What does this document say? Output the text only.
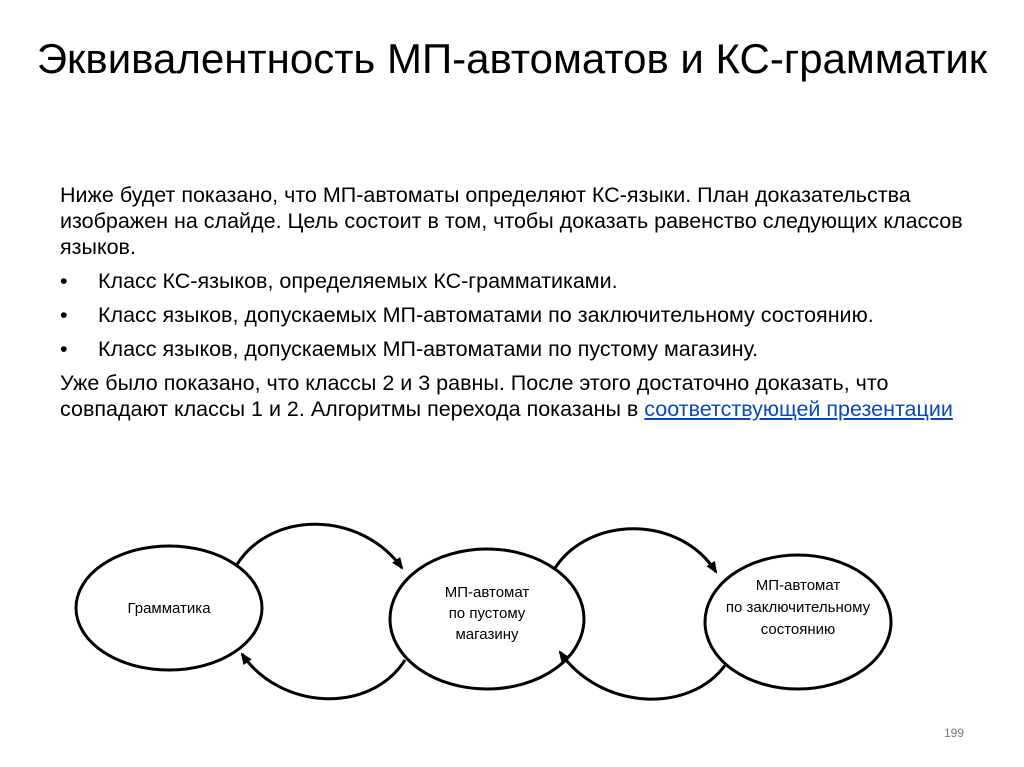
Эквивалентность МП-автоматов и КС-грамматик

Ниже будет показано, что МП-автоматы определяют КС-языки. План доказательства изображен на слайде. Цель состоит в том, чтобы доказать равенство следующих классов языков.

•	Класс КС-языков, определяемых КС-грамматиками.
•	Класс языков, допускаемых МП-автоматами по заключительному состоянию.
•	Класс языков, допускаемых МП-автоматами по пустому магазину.

Уже было показано, что классы 2 и 3 равны. После этого достаточно доказать, что совпадают классы 1 и 2. Алгоритмы перехода показаны в соответствующей презентации

Грамматика
МП-автомат
по пустому
магазину
МП-автомат
по заключительному
состоянию
199
